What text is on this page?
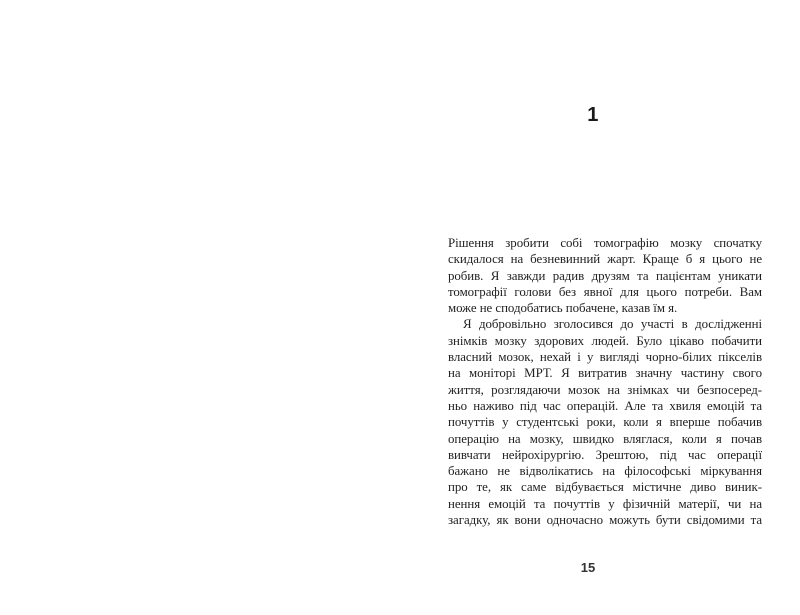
1
Рішення зробити собі томографію мозку спочатку
скидалося на безневинний жарт. Краще б я цього не
робив. Я завжди радив друзям та пацієнтам уникати
томографії голови без явної для цього потреби. Вам
може не сподобатись побачене, казав їм я.
Я добровільно зголосився до участі в дослідженні
знімків мозку здорових людей. Було цікаво побачити
власний мозок, нехай і у вигляді чорно-білих пікселів
на моніторі МРТ. Я витратив значну частину свого
життя, розглядаючи мозок на знімках чи безпосеред-
ньо наживо під час операцій. Але та хвиля емоцій та
почуттів у студентські роки, коли я вперше побачив
операцію на мозку, швидко вляглася, коли я почав
вивчати нейрохірургію. Зрештою, під час операції
бажано не відволікатись на філософські міркування
про те, як саме відбувається містичне диво виник-
нення емоцій та почуттів у фізичній матерії, чи на
загадку, як вони одночасно можуть бути свідомими та
15
